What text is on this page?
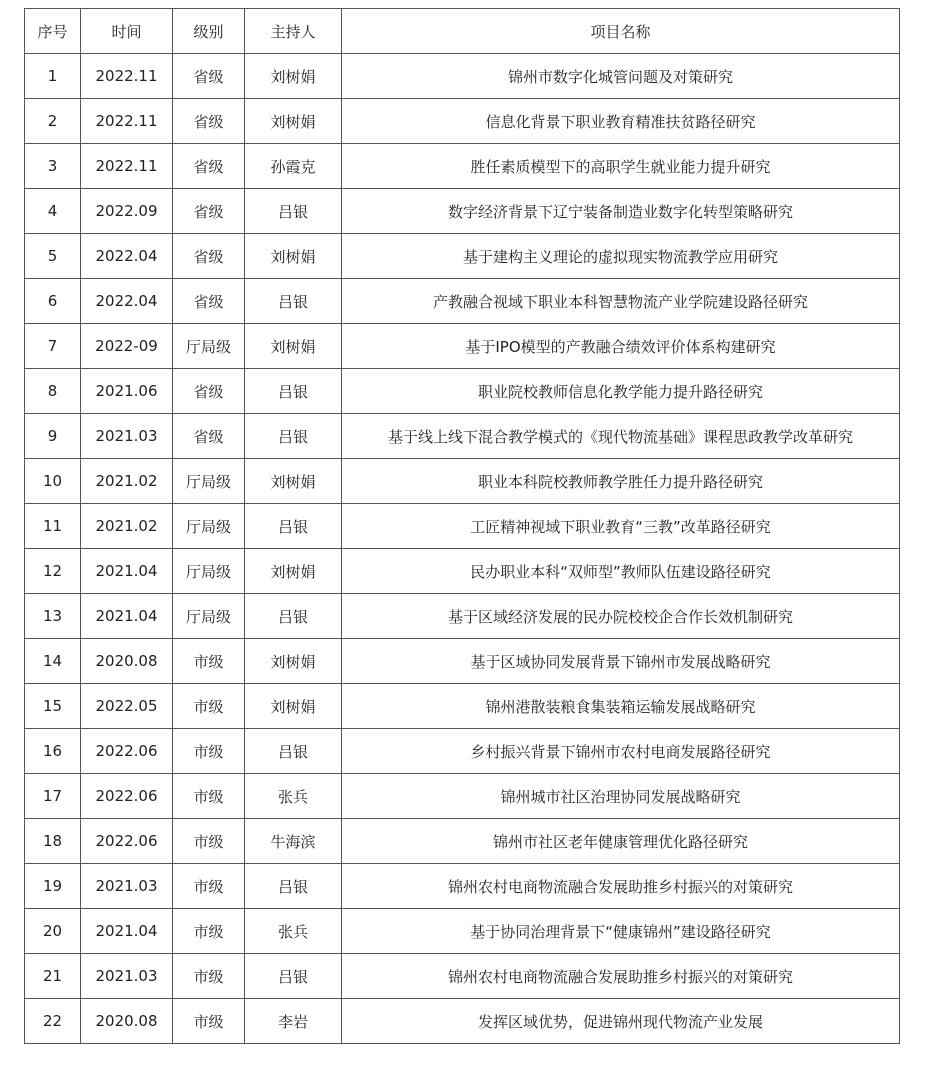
序号	时间	级别	主持人	项目名称
1	2022.11	省级	刘树娟	锦州市数字化城管问题及对策研究
2	2022.11	省级	刘树娟	信息化背景下职业教育精准扶贫路径研究
3	2022.11	省级	孙霞克	胜任素质模型下的高职学生就业能力提升研究
4	2022.09	省级	吕银	数字经济背景下辽宁装备制造业数字化转型策略研究
5	2022.04	省级	刘树娟	基于建构主义理论的虚拟现实物流教学应用研究
6	2022.04	省级	吕银	产教融合视域下职业本科智慧物流产业学院建设路径研究
7	2022-09	厅局级	刘树娟	基于IPO模型的产教融合绩效评价体系构建研究
8	2021.06	省级	吕银	职业院校教师信息化教学能力提升路径研究
9	2021.03	省级	吕银	基于线上线下混合教学模式的《现代物流基础》课程思政教学改革研究
10	2021.02	厅局级	刘树娟	职业本科院校教师教学胜任力提升路径研究
11	2021.02	厅局级	吕银	工匠精神视域下职业教育“三教”改革路径研究
12	2021.04	厅局级	刘树娟	民办职业本科“双师型”教师队伍建设路径研究
13	2021.04	厅局级	吕银	基于区域经济发展的民办院校校企合作长效机制研究
14	2020.08	市级	刘树娟	基于区域协同发展背景下锦州市发展战略研究
15	2022.05	市级	刘树娟	锦州港散装粮食集装箱运输发展战略研究
16	2022.06	市级	吕银	乡村振兴背景下锦州市农村电商发展路径研究
17	2022.06	市级	张兵	锦州城市社区治理协同发展战略研究
18	2022.06	市级	牛海滨	锦州市社区老年健康管理优化路径研究
19	2021.03	市级	吕银	锦州农村电商物流融合发展助推乡村振兴的对策研究
20	2021.04	市级	张兵	基于协同治理背景下“健康锦州”建设路径研究
21	2021.03	市级	吕银	锦州农村电商物流融合发展助推乡村振兴的对策研究
22	2020.08	市级	李岩	发挥区域优势，促进锦州现代物流产业发展
